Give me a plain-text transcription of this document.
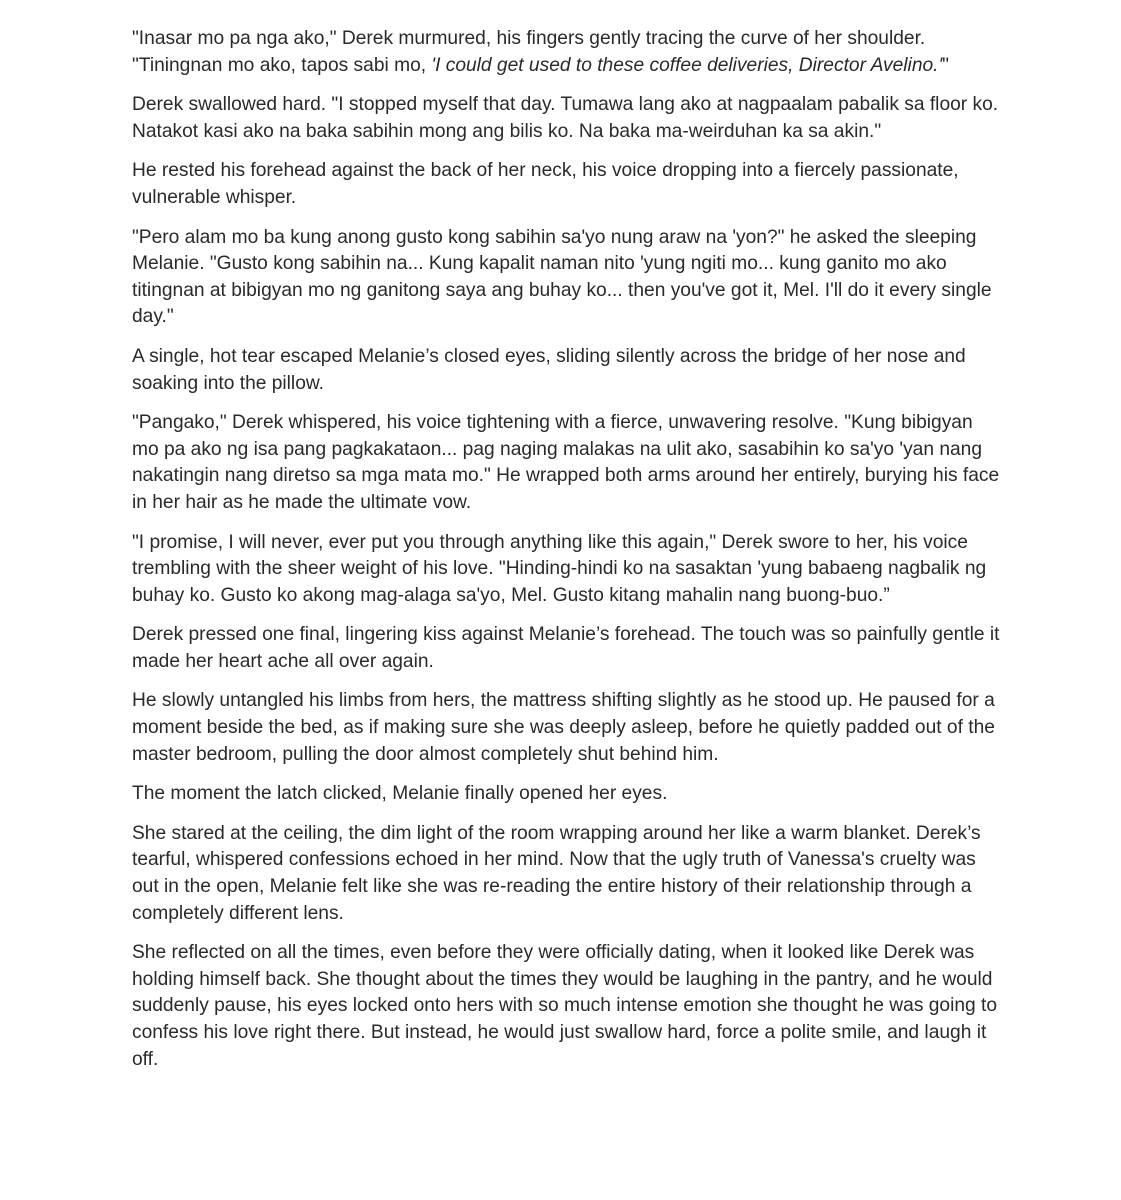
"Inasar mo pa nga ako," Derek murmured, his fingers gently tracing the curve of her shoulder. "Tiningnan mo ako, tapos sabi mo, 'I could get used to these coffee deliveries, Director Avelino.'"

Derek swallowed hard. "I stopped myself that day. Tumawa lang ako at nagpaalam pabalik sa floor ko. Natakot kasi ako na baka sabihin mong ang bilis ko. Na baka ma-weirduhan ka sa akin."

He rested his forehead against the back of her neck, his voice dropping into a fiercely passionate, vulnerable whisper.

"Pero alam mo ba kung anong gusto kong sabihin sa'yo nung araw na 'yon?" he asked the sleeping Melanie. "Gusto kong sabihin na... Kung kapalit naman nito 'yung ngiti mo... kung ganito mo ako titingnan at bibigyan mo ng ganitong saya ang buhay ko... then you've got it, Mel. I'll do it every single day."

A single, hot tear escaped Melanie’s closed eyes, sliding silently across the bridge of her nose and soaking into the pillow.

"Pangako," Derek whispered, his voice tightening with a fierce, unwavering resolve. "Kung bibigyan mo pa ako ng isa pang pagkakataon... pag naging malakas na ulit ako, sasabihin ko sa'yo 'yan nang nakatingin nang diretso sa mga mata mo." He wrapped both arms around her entirely, burying his face in her hair as he made the ultimate vow.

"I promise, I will never, ever put you through anything like this again," Derek swore to her, his voice trembling with the sheer weight of his love. "Hinding-hindi ko na sasaktan 'yung babaeng nagbalik ng buhay ko. Gusto ko akong mag-alaga sa'yo, Mel. Gusto kitang mahalin nang buong-buo.”

Derek pressed one final, lingering kiss against Melanie’s forehead. The touch was so painfully gentle it made her heart ache all over again.

He slowly untangled his limbs from hers, the mattress shifting slightly as he stood up. He paused for a moment beside the bed, as if making sure she was deeply asleep, before he quietly padded out of the master bedroom, pulling the door almost completely shut behind him.

The moment the latch clicked, Melanie finally opened her eyes.

She stared at the ceiling, the dim light of the room wrapping around her like a warm blanket. Derek’s tearful, whispered confessions echoed in her mind. Now that the ugly truth of Vanessa's cruelty was out in the open, Melanie felt like she was re-reading the entire history of their relationship through a completely different lens.

She reflected on all the times, even before they were officially dating, when it looked like Derek was holding himself back. She thought about the times they would be laughing in the pantry, and he would suddenly pause, his eyes locked onto hers with so much intense emotion she thought he was going to confess his love right there. But instead, he would just swallow hard, force a polite smile, and laugh it off.
